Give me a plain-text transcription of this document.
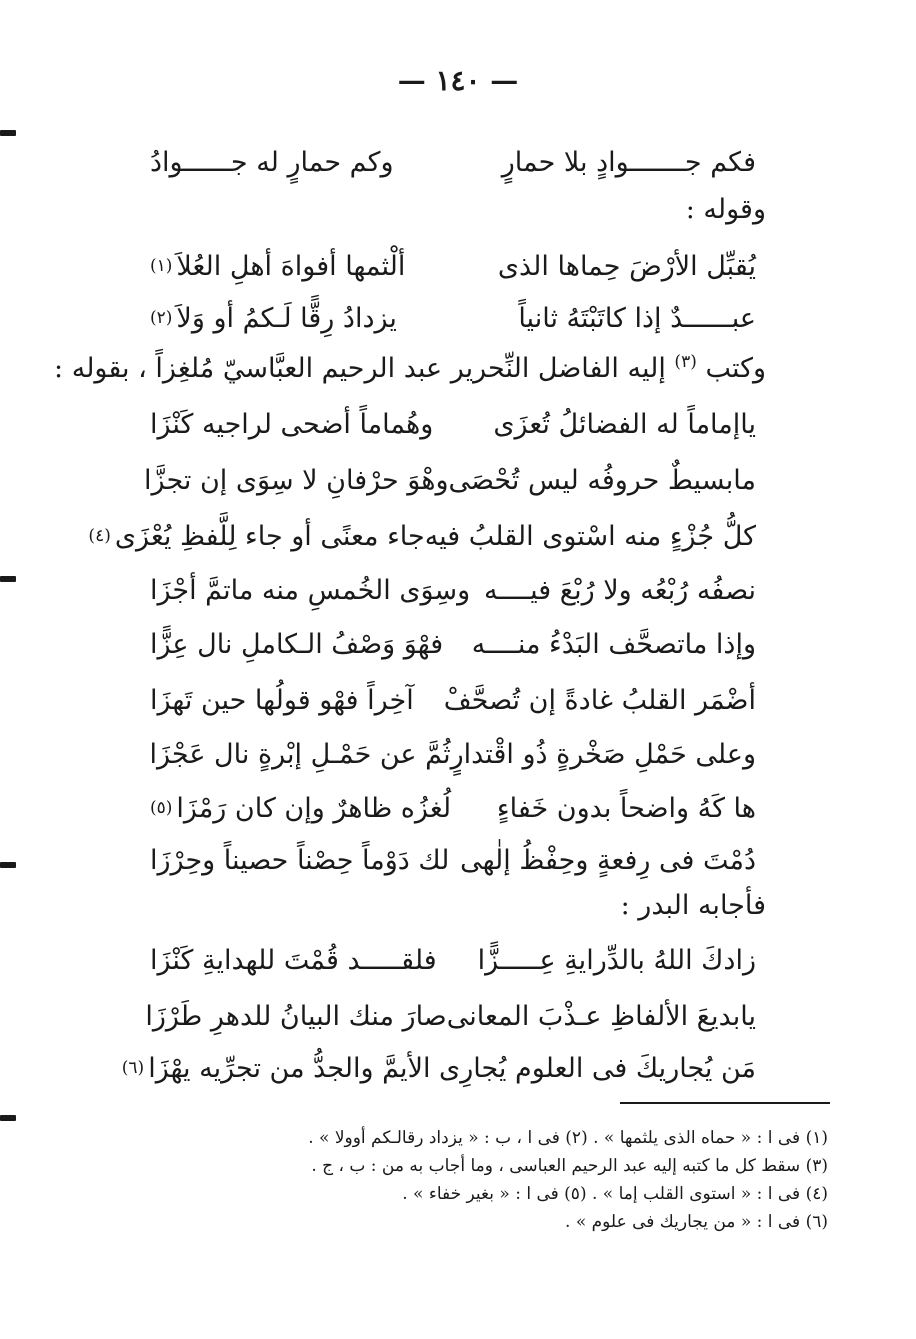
— ١٤٠ —
فكم جـــــــوادٍ بلا حمارٍ
وكم حمارٍ له جــــــوادُ
وقوله :
يُقبِّل الأرْضَ حِماها الذى
ألْثمها أفواهَ أهلِ العُلاَ
(١)
عبــــــدٌ إذا كاتَبْتَهُ ثانياً
يزدادُ رِقًّا لَـكمُ أو وَلاَ
(٢)
وكتب $^{(٣)}$ إليه الفاضل النِّحرير عبد الرحيم العبَّاسيّ مُلغِزاً ، بقوله :
ياإماماً له الفضائلُ تُعزَى
وهُماماً أضحى لراجيه كَنْزَا
مابسيطٌ حروفُه ليس تُحْصَى
وهْوَ حرْفانِ لا سِوَى إن تجزَّا
كلُّ جُزْءٍ منه اسْتوى القلبُ فيه
جاء معنًى أو جاء لِلَّفظِ يُعْزَى
(٤)
نصفُه رُبْعُه ولا رُبْعَ فيــــه
وسِوَى الخُمسِ منه ماتمَّ أجْزَا
وإذا ماتصحَّف البَدْءُ منــــه
فهْوَ وَصْفُ الـكاملِ نال عِزًّا
أضْمَر القلبُ غادةً إن تُصحَّفْ
آخِراً فهْو قولُها حين تَهزَا
وعلى حَمْلِ صَخْرةٍ ذُو اقْتدارٍ
ثُمَّ عن حَمْـلِ إبْرةٍ نال عَجْزَا
ها كَهُ واضحاً بدون خَفاءٍ
لُغزُه ظاهرٌ وإن كان رَمْزَا
(٥)
دُمْتَ فى رِفعةٍ وحِفْظُ إلٰهى
لك دَوْماً حِصْناً حصيناً وحِرْزَا
فأجابه البدر :
زادكَ اللهُ بالدِّرايةِ عِـــــزًّا
فلقـــــد قُمْتَ للهدايةِ كَنْزَا
يابديعَ الألفاظِ عـذْبَ المعانى
صارَ منك البيانُ للدهرِ طَرْزَا
مَن يُجاريكَ فى العلوم يُجارِى الأ
يمَّ والجدُّ من تجرِّيه يهْزَا
(٦)
(١) فى ا : « حماه الذى يلثمها » . (٢) فى ا ، ب : « يزداد رقالـكم أوولا » .
(٣) سقط كل ما كتبه إليه عبد الرحيم العباسى ، وما أجاب به من : ب ، ج .
(٤) فى ا : « استوى القلب إما » . (٥) فى ا : « بغير خفاء » .
(٦) فى ا : « من يجاريك فى علوم » .
